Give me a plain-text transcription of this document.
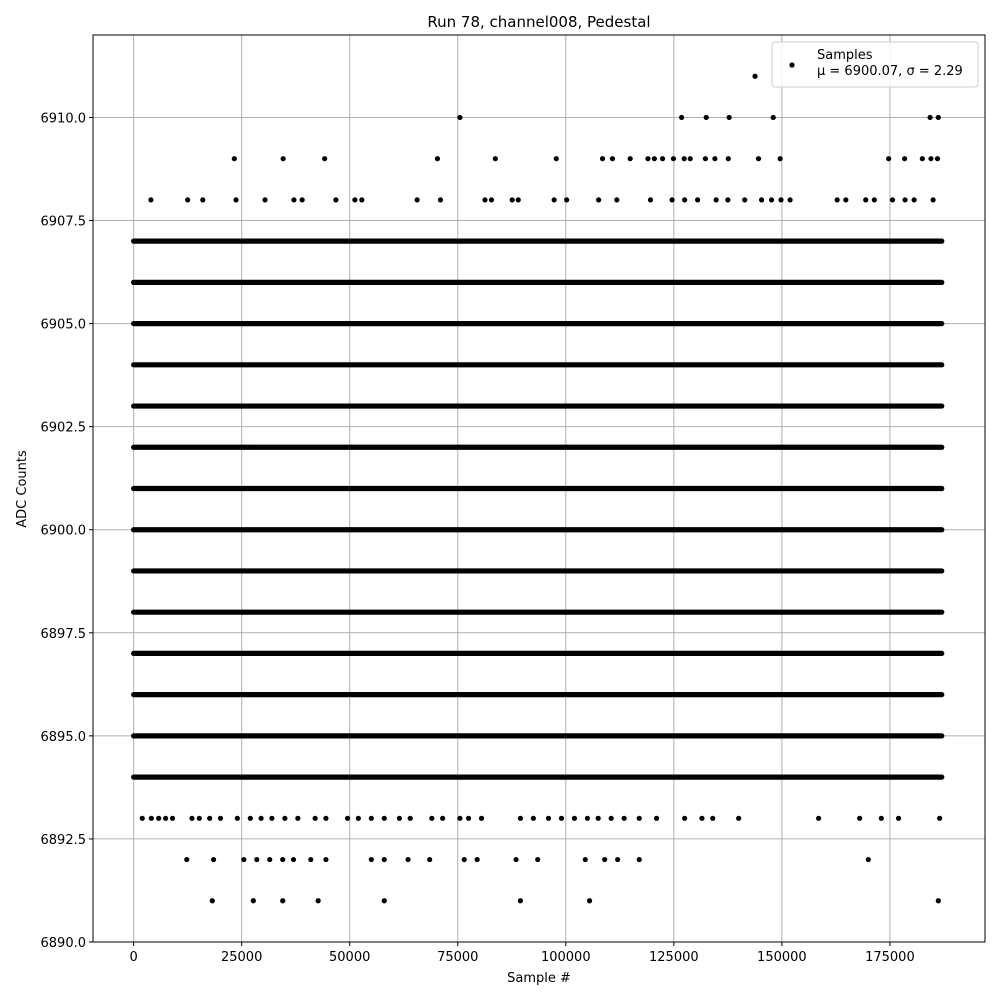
Run 78, channel008, Pedestal
0	25000	50000	75000	100000	125000	150000	175000
6890.0
6892.5
6895.0
6897.5
6900.0
6902.5
6905.0
6907.5
6910.0
Sample #
ADC Counts
Samples
μ = 6900.07, σ = 2.29
